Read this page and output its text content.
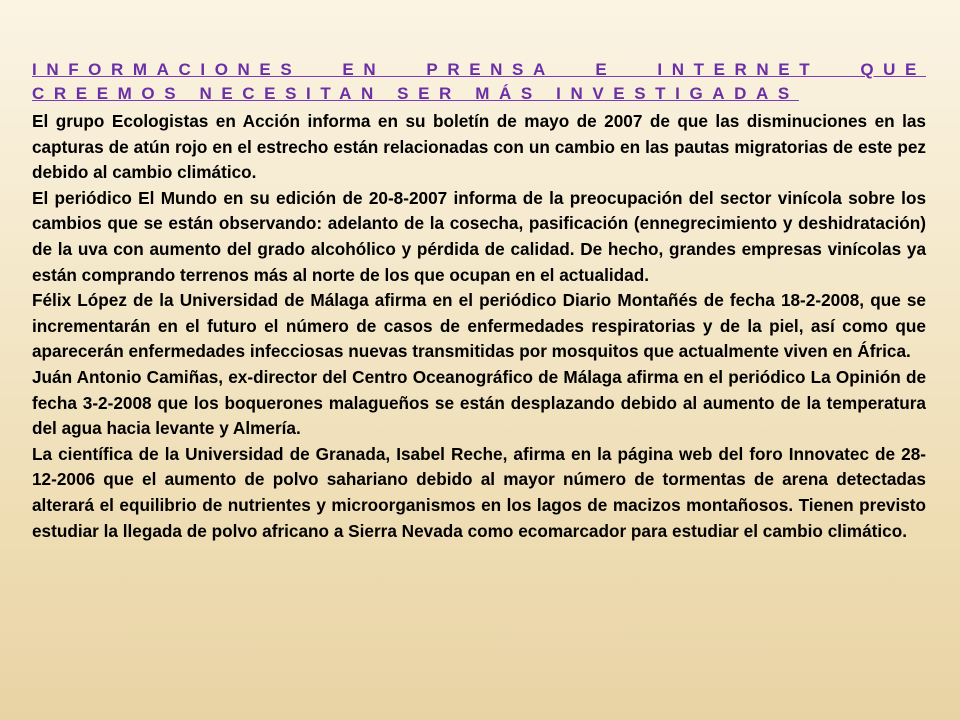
INFORMACIONES EN PRENSA E INTERNET QUE
CREEMOS NECESITAN SER MÁS INVESTIGADAS

El grupo Ecologistas en Acción informa en su boletín de mayo de 2007 de que las disminuciones en las capturas de atún rojo en el estrecho están relacionadas con un cambio en las pautas migratorias de este pez debido al cambio climático.

El periódico El Mundo en su edición de 20-8-2007 informa de la preocupación del sector vinícola sobre los cambios que se están observando: adelanto de la cosecha, pasificación (ennegrecimiento y deshidratación) de la uva con aumento del grado alcohólico y pérdida de calidad. De hecho, grandes empresas vinícolas ya están comprando terrenos más al norte de los que ocupan en el actualidad.

Félix López de la Universidad de Málaga afirma en el periódico Diario Montañés de fecha 18-2-2008, que se incrementarán en el futuro el número de casos de enfermedades respiratorias y de la piel, así como que aparecerán enfermedades infecciosas nuevas transmitidas por mosquitos que actualmente viven en África.

Juán Antonio Camiñas, ex-director del Centro Oceanográfico de Málaga afirma en el periódico La Opinión de fecha 3-2-2008 que los boquerones malagueños se están desplazando debido al aumento de la temperatura del agua hacia levante y Almería.

La científica de la Universidad de Granada, Isabel Reche, afirma en la página web del foro Innovatec de 28-12-2006 que el aumento de polvo sahariano debido al mayor número de tormentas de arena detectadas alterará el equilibrio de nutrientes y microorganismos en los lagos de macizos montañosos. Tienen previsto estudiar la llegada de polvo africano a Sierra Nevada como ecomarcador para estudiar el cambio climático.
